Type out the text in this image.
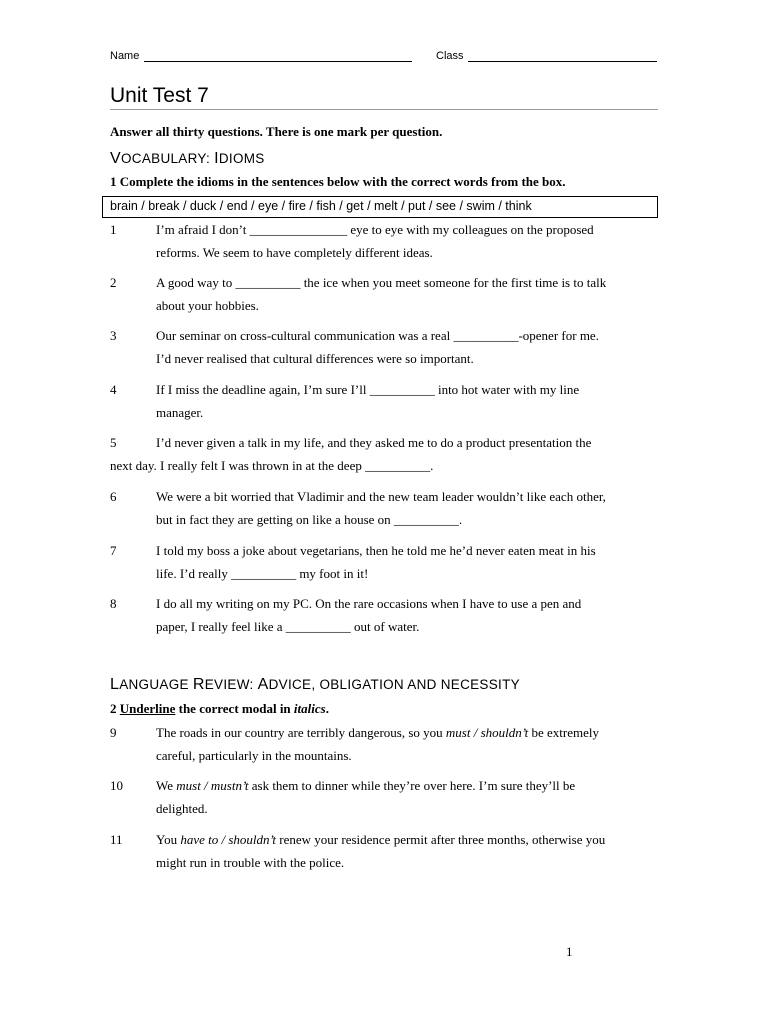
Name	Class
Unit Test 7
Answer all thirty questions. There is one mark per question.
VOCABULARY: IDIOMS
1 Complete the idioms in the sentences below with the correct words from the box.
brain / break / duck / end / eye / fire / fish / get / melt / put / see / swim / think
1	I’m afraid I don’t _______________ eye to eye with my colleagues on the proposed
reforms. We seem to have completely different ideas.
2	A good way to __________ the ice when you meet someone for the first time is to talk
about your hobbies.
3	Our seminar on cross-cultural communication was a real __________-opener for me.
I’d never realised that cultural differences were so important.
4	If I miss the deadline again, I’m sure I’ll __________ into hot water with my line
manager.
5	I’d never given a talk in my life, and they asked me to do a product presentation the
next day. I really felt I was thrown in at the deep __________.
6	We were a bit worried that Vladimir and the new team leader wouldn’t like each other,
but in fact they are getting on like a house on __________.
7	I told my boss a joke about vegetarians, then he told me he’d never eaten meat in his
life. I’d really __________ my foot in it!
8	I do all my writing on my PC. On the rare occasions when I have to use a pen and
paper, I really feel like a __________ out of water.
LANGUAGE REVIEW: ADVICE, OBLIGATION AND NECESSITY
2 Underline the correct modal in italics.
9	The roads in our country are terribly dangerous, so you must / shouldn’t be extremely
careful, particularly in the mountains.
10	We must / mustn’t ask them to dinner while they’re over here. I’m sure they’ll be
delighted.
11	You have to / shouldn’t renew your residence permit after three months, otherwise you
might run in trouble with the police.
1
